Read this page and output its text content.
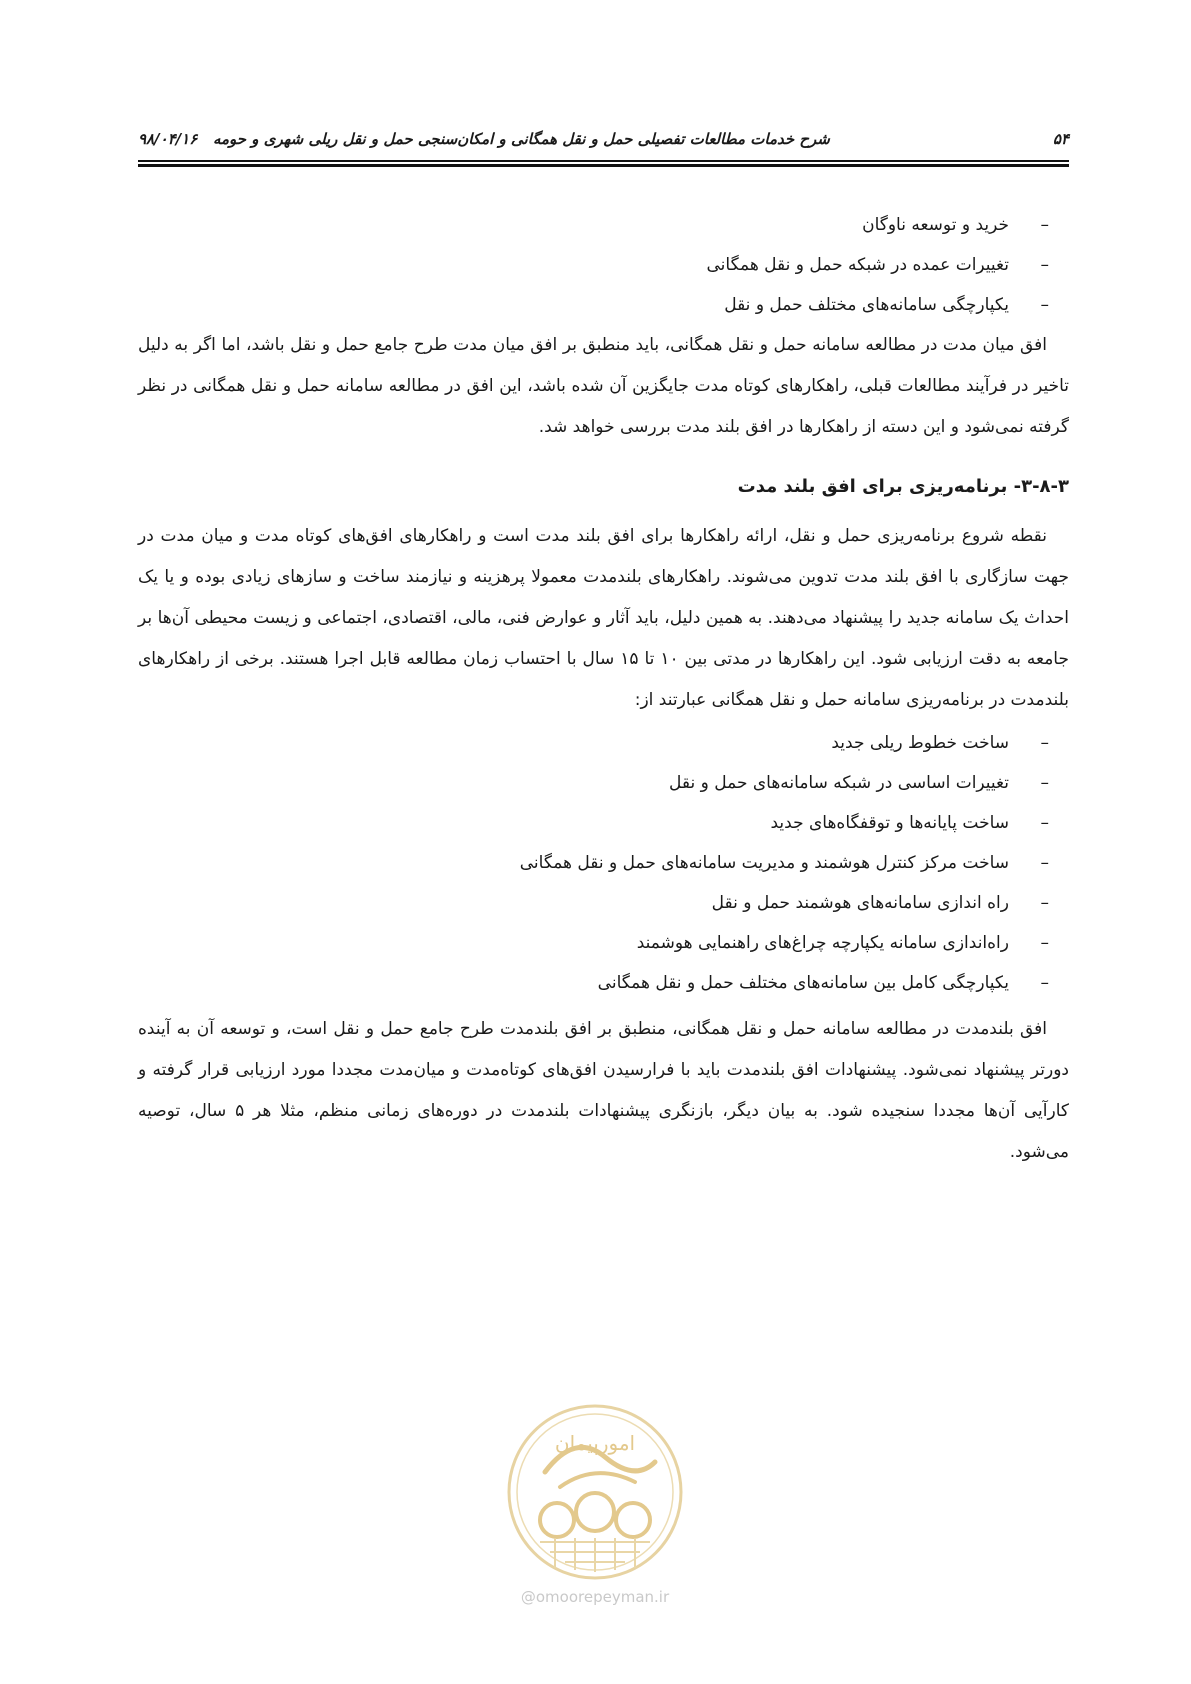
۵۴
شرح خدمات مطالعات تفصیلی حمل و نقل همگانی و امکان‌سنجی حمل و نقل ریلی شهری و حومه   ۹۸/۰۴/۱۶
–
خرید و توسعه ناوگان
–
تغییرات عمده در شبکه حمل و نقل همگانی
–
یکپارچگی سامانه‌های مختلف حمل و نقل

افق میان مدت در مطالعه سامانه حمل و نقل همگانی، باید منطبق بر افق میان مدت طرح جامع حمل و نقل باشد، اما اگر به دلیل تاخیر در فرآیند مطالعات قبلی، راهکارهای کوتاه مدت جایگزین آن شده باشد، این افق در مطالعه سامانه حمل و نقل همگانی در نظر گرفته نمی‌شود و این دسته از راهکارها در افق بلند مدت بررسی خواهد شد.

۳-۸-۳- برنامه‌ریزی برای افق بلند مدت

نقطه شروع برنامه‌ریزی حمل و نقل، ارائه راهکارها برای افق بلند مدت است و راهکارهای افق‌های کوتاه مدت و میان مدت در جهت سازگاری با افق بلند مدت تدوین می‌شوند. راهکارهای بلندمدت معمولا پرهزینه و نیازمند ساخت و سازهای زیادی بوده و یا یک احداث یک سامانه جدید را پیشنهاد می‌دهند. به همین دلیل، باید آثار و عوارض فنی، مالی، اقتصادی، اجتماعی و زیست محیطی آن‌ها بر جامعه به دقت ارزیابی شود. این راهکارها در مدتی بین ۱۰ تا ۱۵ سال با احتساب زمان مطالعه قابل اجرا هستند. برخی از راهکارهای بلندمدت در برنامه‌ریزی سامانه حمل و نقل همگانی عبارتند از:

–
ساخت خطوط ریلی جدید
–
تغییرات اساسی در شبکه سامانه‌های حمل و نقل
–
ساخت پایانه‌ها و توقفگاه‌های جدید
–
ساخت مرکز کنترل هوشمند و مدیریت سامانه‌های حمل و نقل همگانی
–
راه اندازی سامانه‌های هوشمند حمل و نقل
–
راه‌اندازی سامانه یکپارچه چراغ‌های راهنمایی هوشمند
–
یکپارچگی کامل بین سامانه‌های مختلف حمل و نقل همگانی

افق بلندمدت در مطالعه سامانه حمل و نقل همگانی، منطبق بر افق بلندمدت طرح جامع حمل و نقل است، و توسعه آن به آینده دورتر پیشنهاد نمی‌شود. پیشنهادات افق بلندمدت باید با فرارسیدن افق‌های کوتاه‌مدت و میان‌مدت مجددا مورد ارزیابی قرار گرفته و کارآیی آن‌ها مجددا سنجیده شود. به بیان دیگر، بازنگری پیشنهادات بلندمدت در دوره‌های زمانی منظم، مثلا هر ۵ سال، توصیه می‌شود.

امورپیمان
@omoorepeyman.ir
